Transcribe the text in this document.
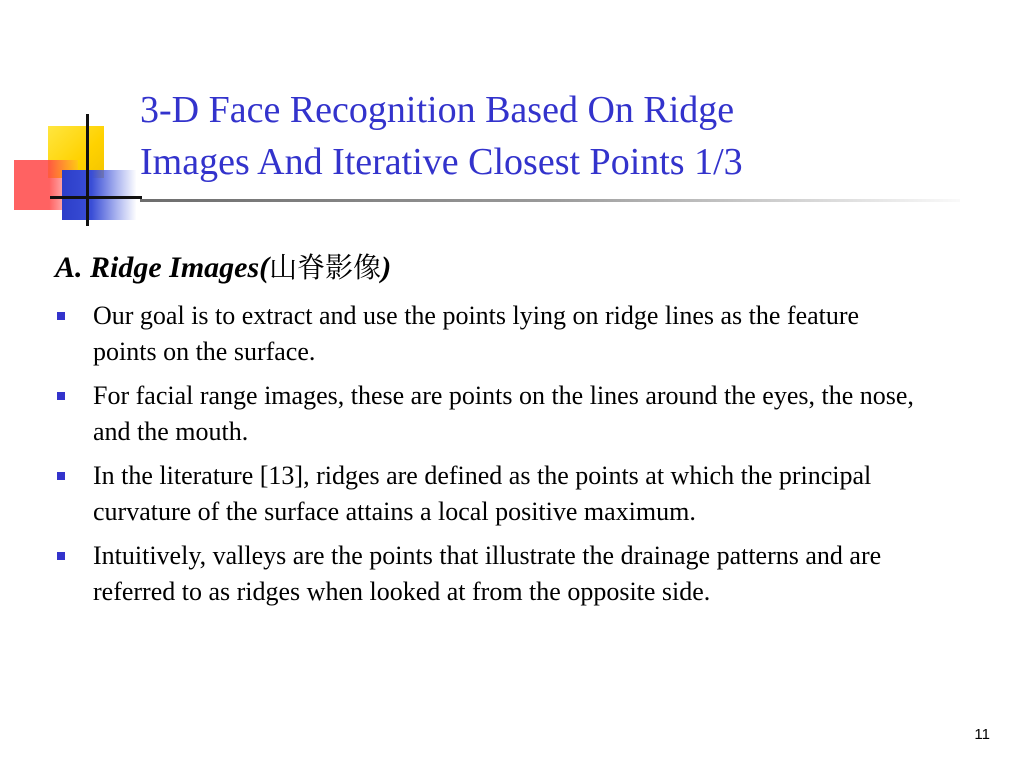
3-D Face Recognition Based On Ridge
Images And Iterative Closest Points 1/3
A. Ridge Images(山脊影像)
Our goal is to extract and use the points lying on ridge lines as the feature points on the surface.
For facial range images, these are points on the lines around the eyes, the nose, and the mouth.
In the literature [13], ridges are defined as the points at which the principal curvature of the surface attains a local positive maximum.
Intuitively, valleys are the points that illustrate the drainage patterns and are referred to as ridges when looked at from the opposite side.
11
